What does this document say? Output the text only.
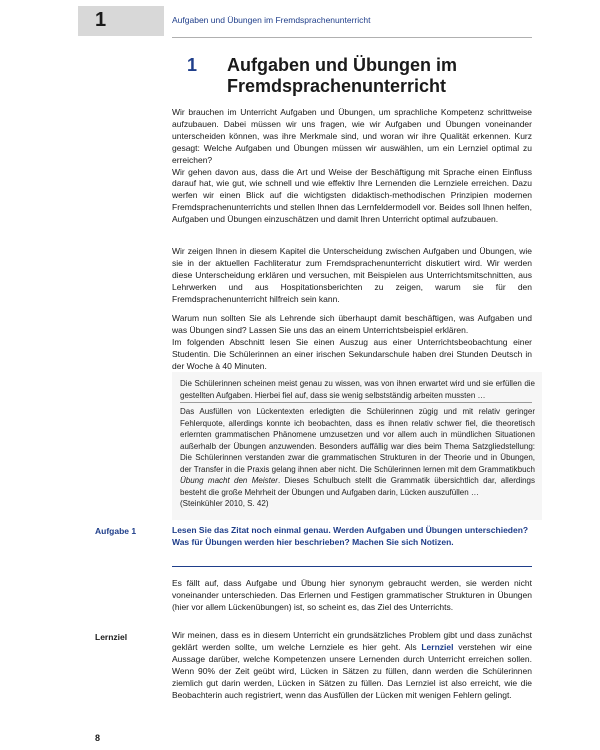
1	Aufgaben und Übungen im Fremdsprachenunterricht
1 Aufgaben und Übungen im Fremdsprachenunterricht

Wir brauchen im Unterricht Aufgaben und Übungen, um sprachliche Kompetenz schrittweise aufzubauen. Dabei müssen wir uns fragen, wie wir Aufgaben und Übungen voneinander unterscheiden können, was ihre Merkmale sind, und woran wir ihre Qualität erkennen. Kurz gesagt: Welche Aufgaben und Übungen müssen wir auswählen, um ein Lernziel optimal zu erreichen?

Wir gehen davon aus, dass die Art und Weise der Beschäftigung mit Sprache einen Einfluss darauf hat, wie gut, wie schnell und wie effektiv Ihre Lernenden die Lernziele erreichen. Dazu werfen wir einen Blick auf die wichtigsten didaktisch-methodischen Prinzipien modernen Fremdsprachenunterrichts und stellen Ihnen das Lernfeldermodell vor. Beides soll Ihnen helfen, Aufgaben und Übungen einzuschätzen und damit Ihren Unterricht optimal aufzubauen.

Wir zeigen Ihnen in diesem Kapitel die Unterscheidung zwischen Aufgaben und Übungen, wie sie in der aktuellen Fachliteratur zum Fremdsprachenunterricht diskutiert wird. Wir werden diese Unterscheidung erklären und versuchen, mit Beispielen aus Unterrichtsmitschnitten, aus Lehrwerken und aus Hospitationsberichten zu zeigen, warum sie für den Fremdsprachenunterricht hilfreich sein kann.

Warum nun sollten Sie als Lehrende sich überhaupt damit beschäftigen, was Aufgaben und was Übungen sind? Lassen Sie uns das an einem Unterrichtsbeispiel erklären.

Im folgenden Abschnitt lesen Sie einen Auszug aus einer Unterrichtsbeobachtung einer Studentin. Die Schülerinnen an einer irischen Sekundarschule haben drei Stunden Deutsch in der Woche à 40 Minuten.

Die Schülerinnen scheinen meist genau zu wissen, was von ihnen erwartet wird und sie erfüllen die gestellten Aufgaben. Hierbei fiel auf, dass sie wenig selbstständig arbeiten mussten …

Das Ausfüllen von Lückentexten erledigten die Schülerinnen zügig und mit relativ geringer Fehlerquote, allerdings konnte ich beobachten, dass es ihnen relativ schwer fiel, die theoretisch erlernten grammatischen Phänomene umzusetzen und vor allem auch in mündlichen Situationen außerhalb der Übungen anzuwenden. Besonders auffällig war dies beim Thema Satzgliedstellung: Die Schülerinnen verstanden zwar die grammatischen Strukturen in der Theorie und in Übungen, der Transfer in die Praxis gelang ihnen aber nicht. Die Schülerinnen lernen mit dem Grammatikbuch Übung macht den Meister. Dieses Schulbuch stellt die Grammatik übersichtlich dar, allerdings besteht die große Mehrheit der Übungen und Aufgaben darin, Lücken auszufüllen …

(Steinkühler 2010, S. 42)

Aufgabe 1	Lesen Sie das Zitat noch einmal genau. Werden Aufgaben und Übungen unterschieden? Was für Übungen werden hier beschrieben? Machen Sie sich Notizen.

Es fällt auf, dass Aufgabe und Übung hier synonym gebraucht werden, sie werden nicht voneinander unterschieden. Das Erlernen und Festigen grammatischer Strukturen in Übungen (hier vor allem Lückenübungen) ist, so scheint es, das Ziel des Unterrichts.

Lernziel	Wir meinen, dass es in diesem Unterricht ein grundsätzliches Problem gibt und dass zunächst geklärt werden sollte, um welche Lernziele es hier geht. Als Lernziel verstehen wir eine Aussage darüber, welche Kompetenzen unsere Lernenden durch Unterricht erreichen sollen. Wenn 90% der Zeit geübt wird, Lücken in Sätzen zu füllen, dann werden die Schülerinnen ziemlich gut darin werden, Lücken in Sätzen zu füllen. Das Lernziel ist also erreicht, wie die Beobachterin auch registriert, wenn das Ausfüllen der Lücken mit wenigen Fehlern gelingt.

8
